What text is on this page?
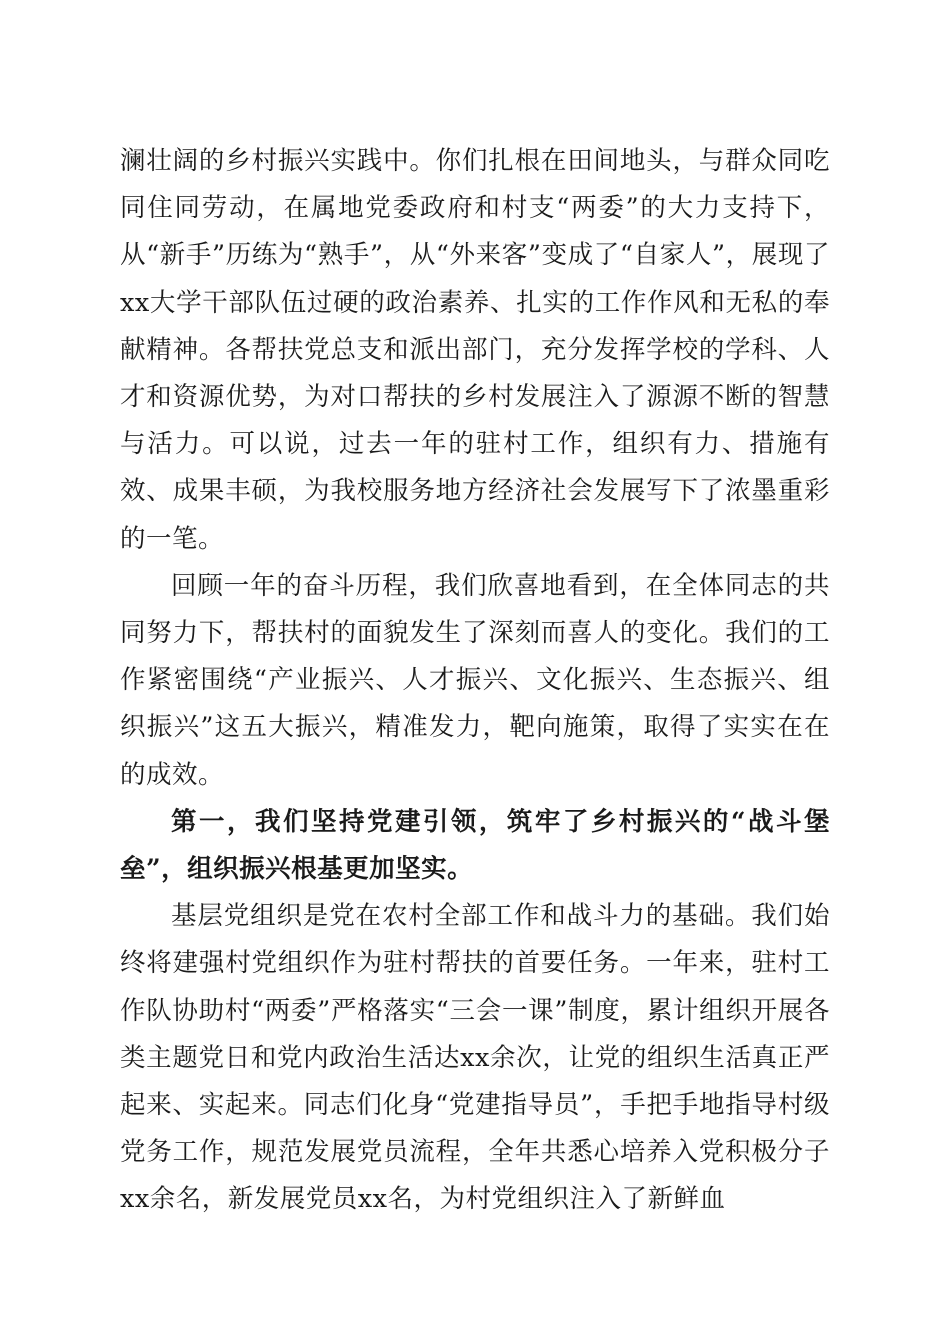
澜壮阔的乡村振兴实践中。你们扎根在田间地头，与群众同吃同住同劳动，在属地党委政府和村支“两委”的大力支持下，从“新手”历练为“熟手”，从“外来客”变成了“自家人”，展现了xx大学干部队伍过硬的政治素养、扎实的工作作风和无私的奉献精神。各帮扶党总支和派出部门，充分发挥学校的学科、人才和资源优势，为对口帮扶的乡村发展注入了源源不断的智慧与活力。可以说，过去一年的驻村工作，组织有力、措施有效、成果丰硕，为我校服务地方经济社会发展写下了浓墨重彩的一笔。

回顾一年的奋斗历程，我们欣喜地看到，在全体同志的共同努力下，帮扶村的面貌发生了深刻而喜人的变化。我们的工作紧密围绕“产业振兴、人才振兴、文化振兴、生态振兴、组织振兴”这五大振兴，精准发力，靶向施策，取得了实实在在的成效。

第一，我们坚持党建引领，筑牢了乡村振兴的“战斗堡垒”，组织振兴根基更加坚实。

基层党组织是党在农村全部工作和战斗力的基础。我们始终将建强村党组织作为驻村帮扶的首要任务。一年来，驻村工作队协助村“两委”严格落实“三会一课”制度，累计组织开展各类主题党日和党内政治生活达xx余次，让党的组织生活真正严起来、实起来。同志们化身“党建指导员”，手把手地指导村级党务工作，规范发展党员流程，全年共悉心培养入党积极分子xx余名，新发展党员xx名，为村党组织注入了新鲜血
